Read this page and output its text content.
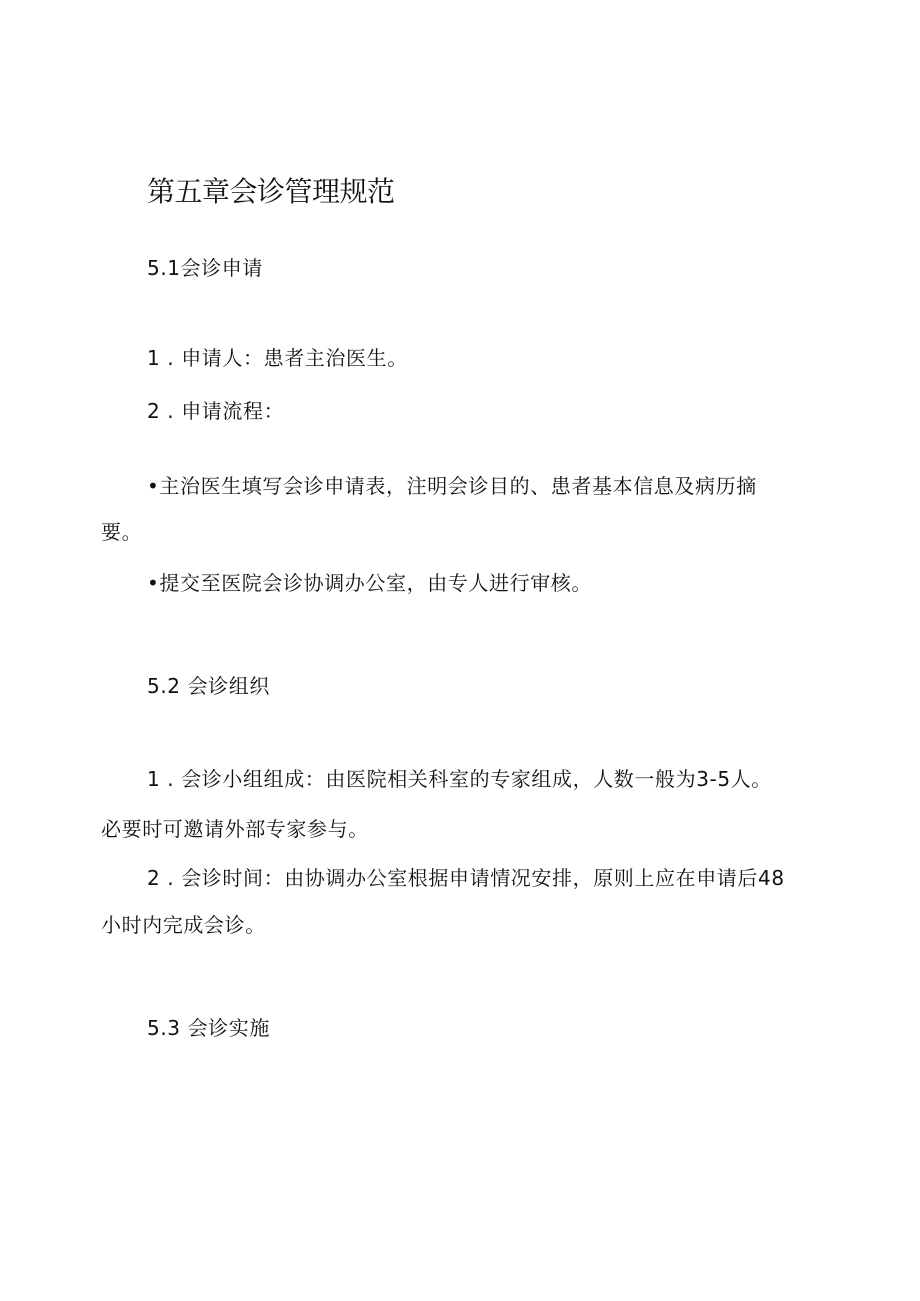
第五章会诊管理规范
5.1会诊申请
1 . 申请人：患者主治医生。
2 . 申请流程：
•主治医生填写会诊申请表，注明会诊目的、患者基本信息及病历摘
要。
•提交至医院会诊协调办公室，由专人进行审核。
5.2 会诊组织
1 . 会诊小组组成：由医院相关科室的专家组成，人数一般为3-5人。
必要时可邀请外部专家参与。
2 . 会诊时间：由协调办公室根据申请情况安排，原则上应在申请后48
小时内完成会诊。
5.3 会诊实施
